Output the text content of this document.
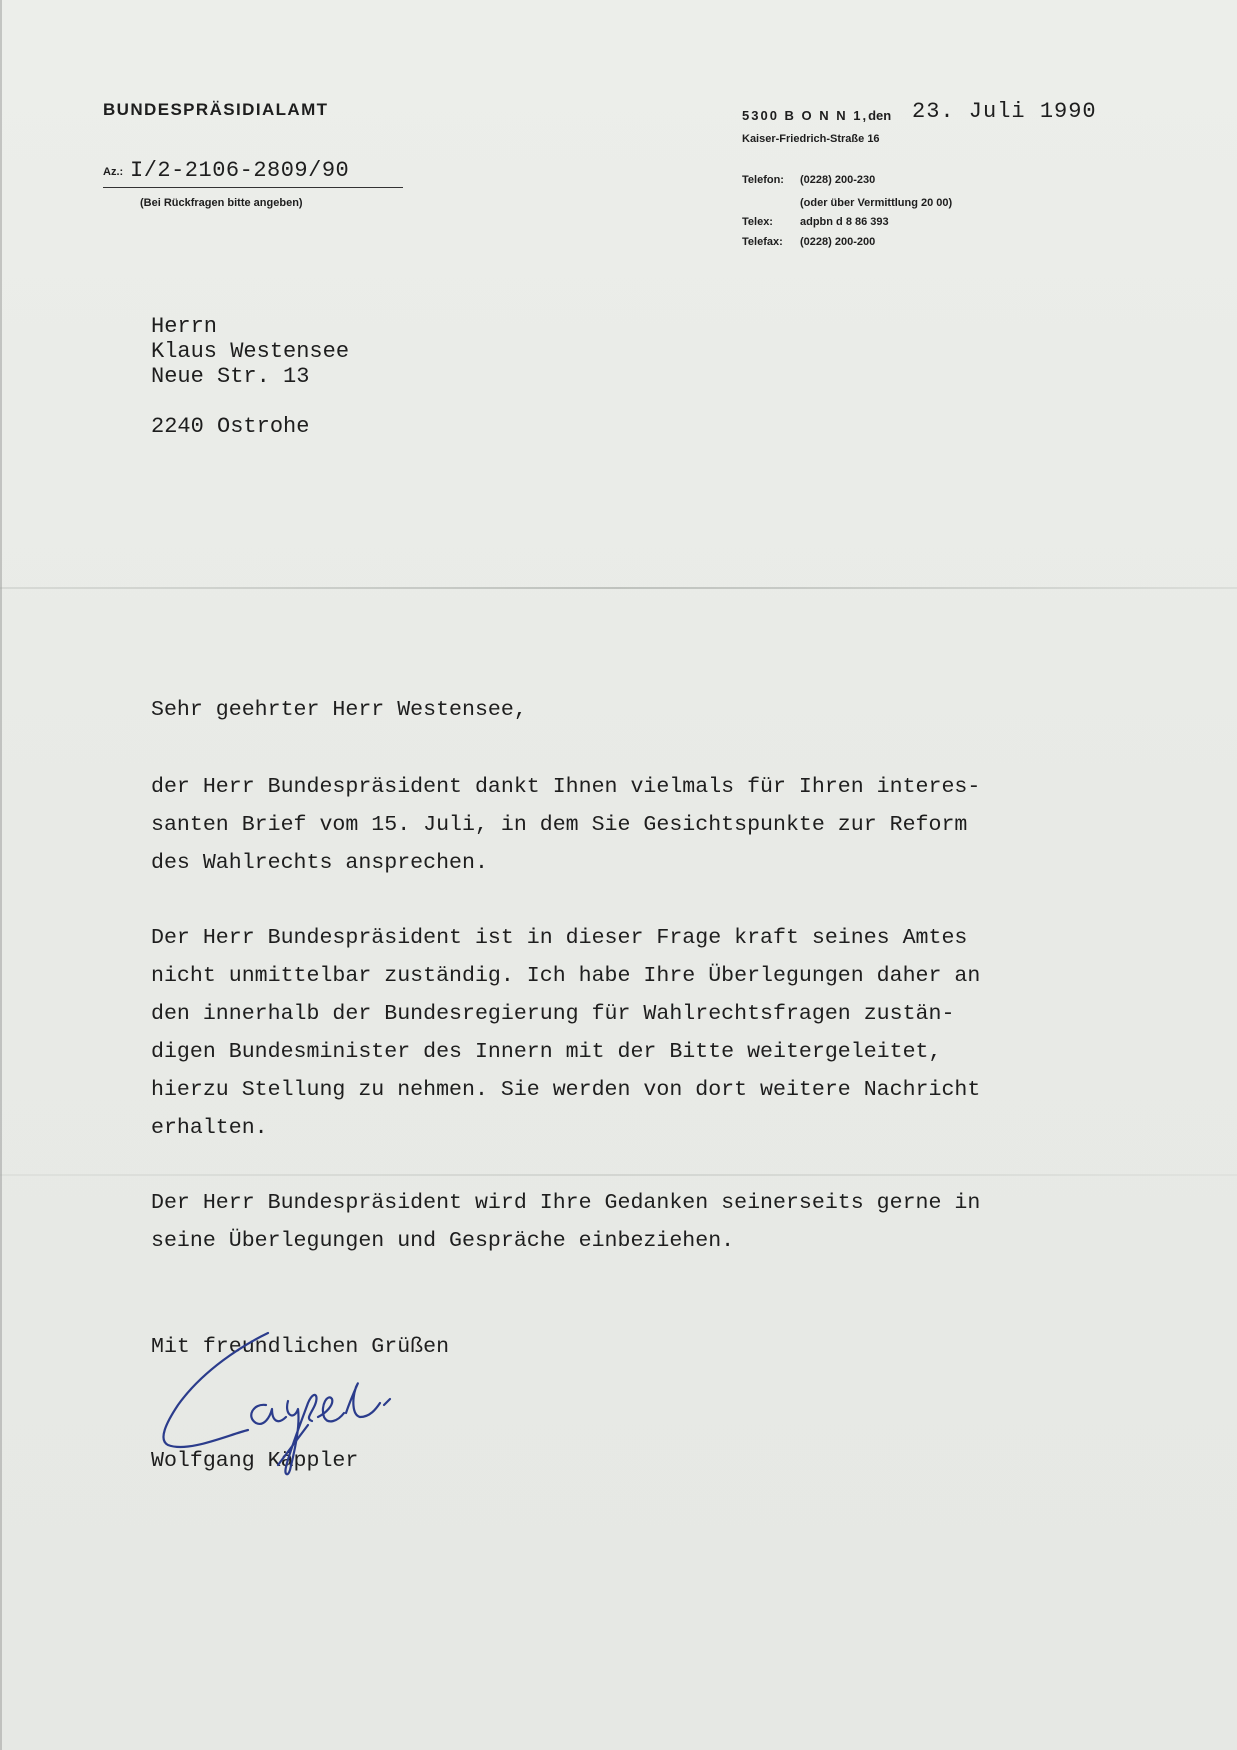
BUNDESPRÄSIDIALAMT
Az.: I/2-2106-2809/90
(Bei Rückfragen bitte angeben)
5300 B O N N 1,den 23. Juli 1990
Kaiser-Friedrich-Straße 16
Telefon: (0228) 200-230
(oder über Vermittlung 20 00)
Telex: adpbn d 8 86 393
Telefax: (0228) 200-200
Herrn
Klaus Westensee
Neue Str. 13
2240 Ostrohe
Sehr geehrter Herr Westensee,
der Herr Bundespräsident dankt Ihnen vielmals für Ihren interes-
santen Brief vom 15. Juli, in dem Sie Gesichtspunkte zur Reform
des Wahlrechts ansprechen.
Der Herr Bundespräsident ist in dieser Frage kraft seines Amtes
nicht unmittelbar zuständig. Ich habe Ihre Überlegungen daher an
den innerhalb der Bundesregierung für Wahlrechtsfragen zustän-
digen Bundesminister des Innern mit der Bitte weitergeleitet,
hierzu Stellung zu nehmen. Sie werden von dort weitere Nachricht
erhalten.
Der Herr Bundespräsident wird Ihre Gedanken seinerseits gerne in
seine Überlegungen und Gespräche einbeziehen.
Mit freundlichen Grüßen
Wolfgang Käppler
